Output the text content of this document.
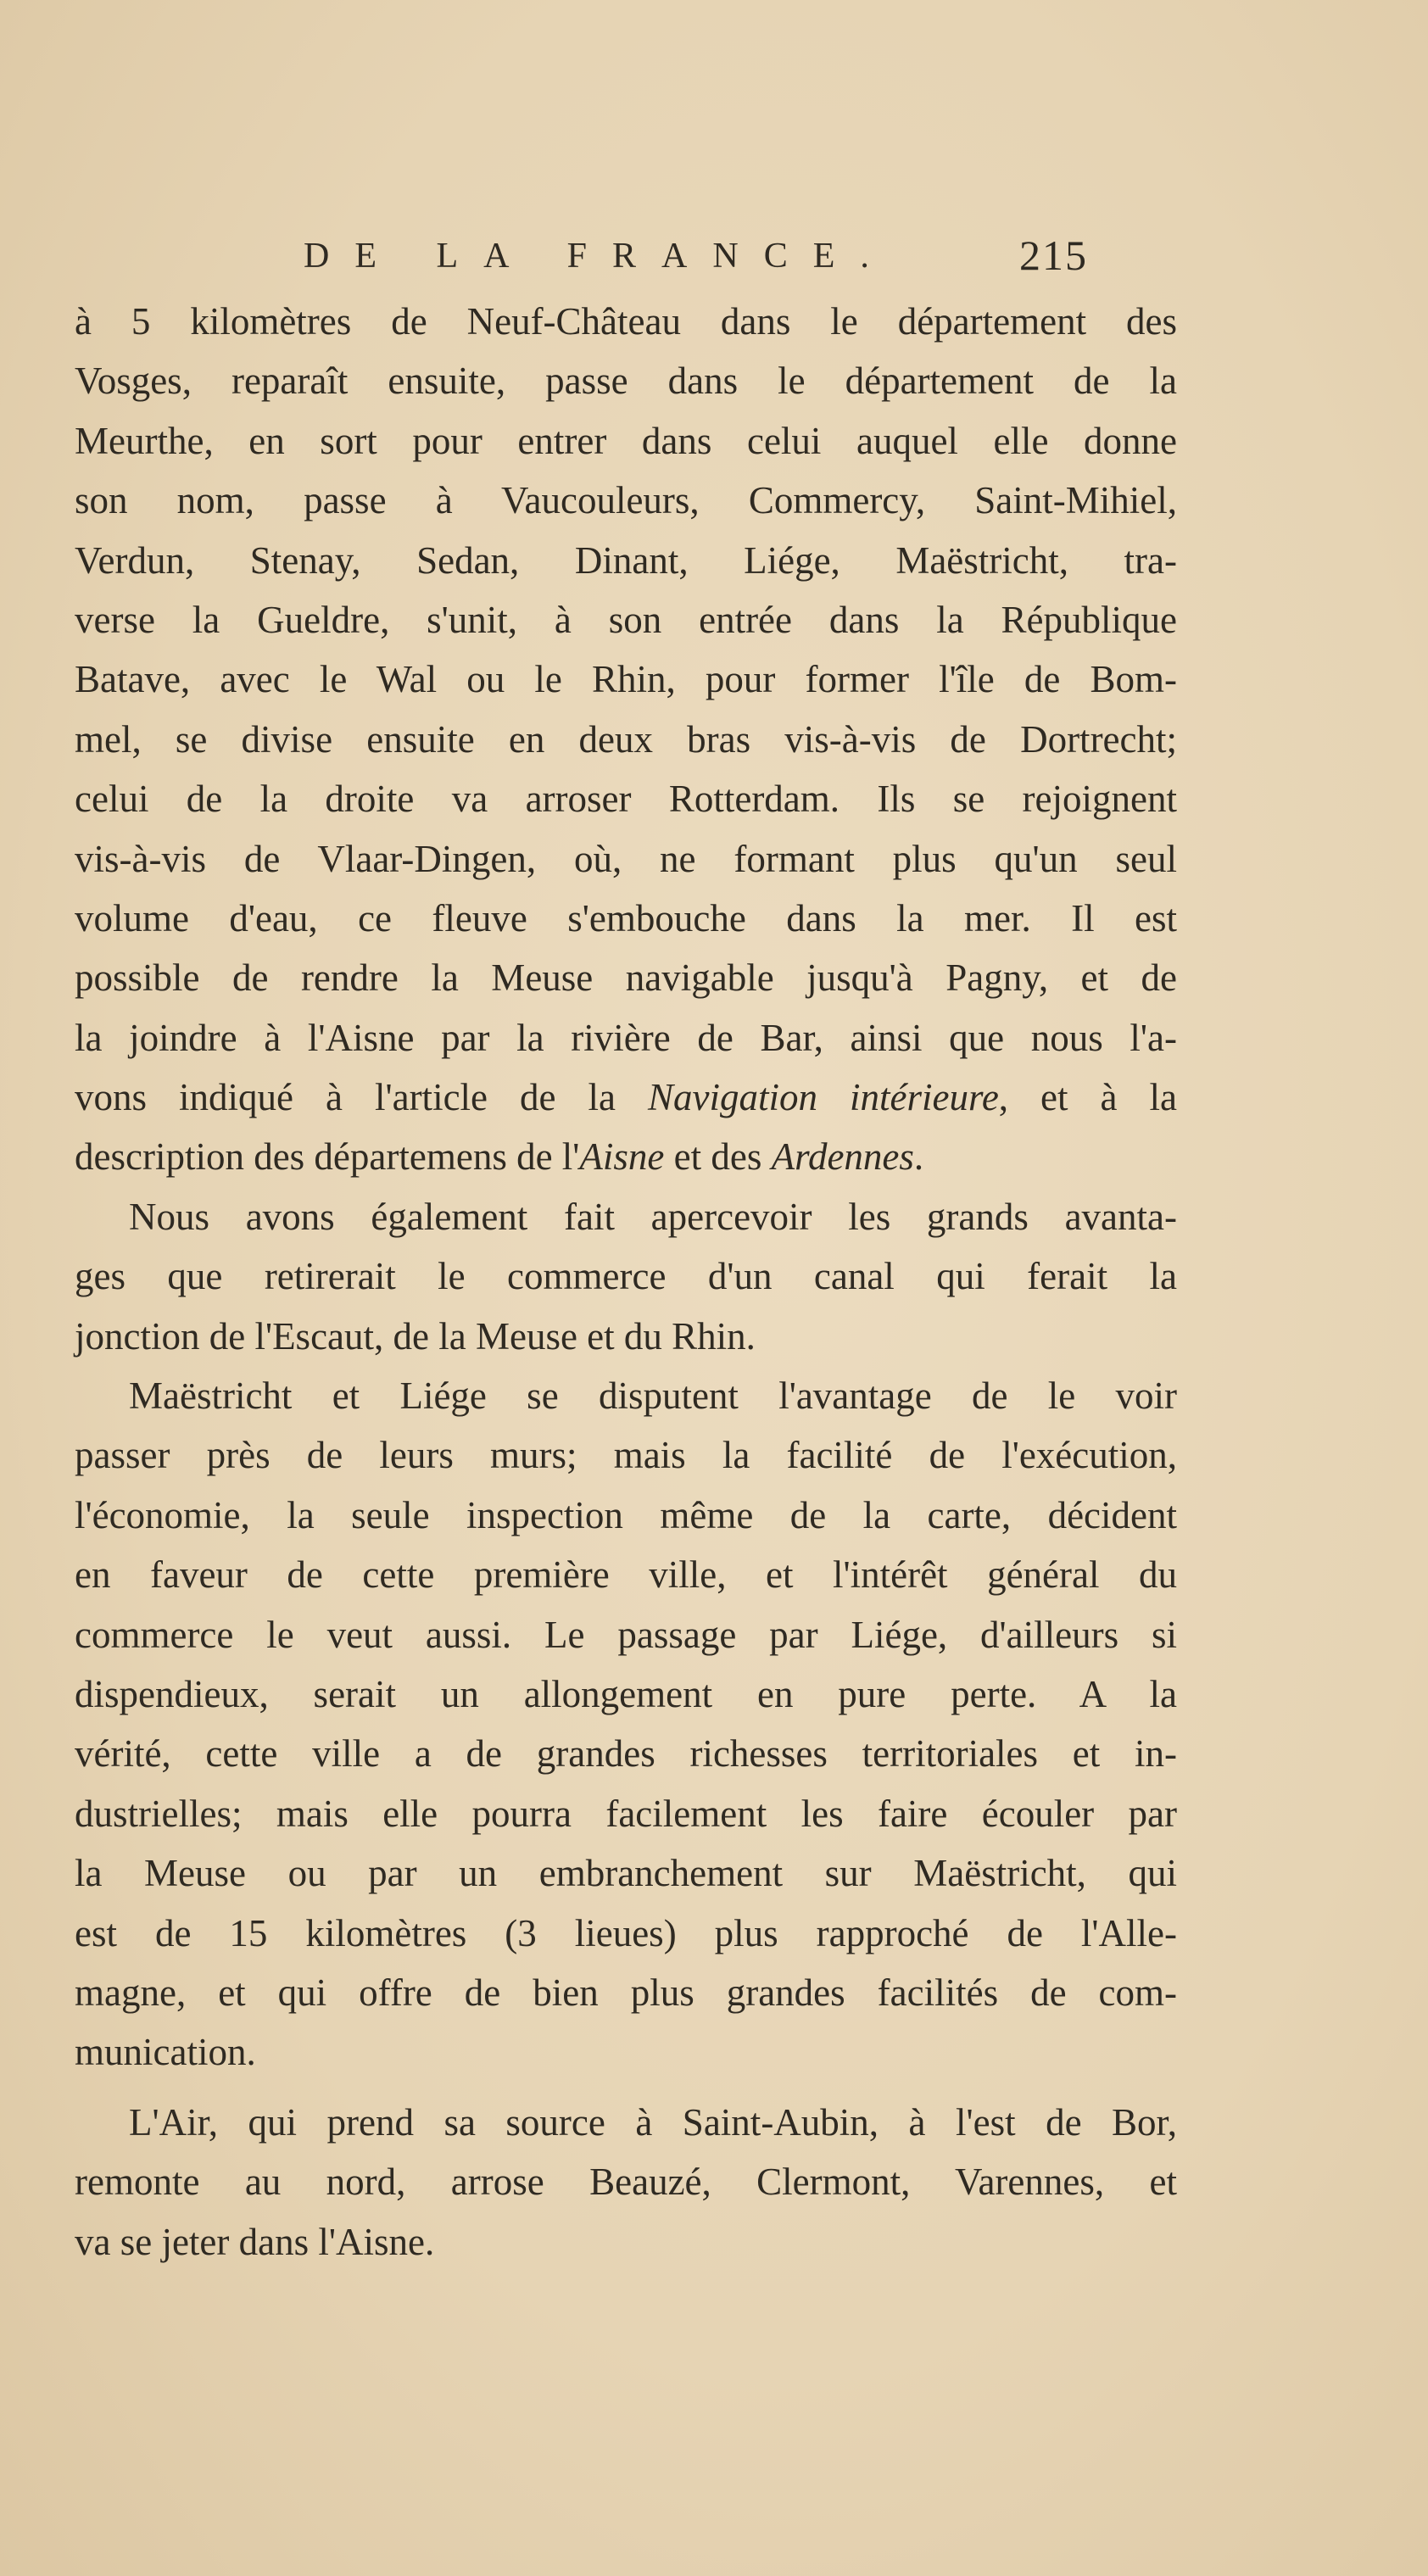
DE LA FRANCE.	215
à 5 kilomètres de Neuf-Château dans le département des
Vosges, reparaît ensuite, passe dans le département de la
Meurthe, en sort pour entrer dans celui auquel elle donne
son nom, passe à Vaucouleurs, Commercy, Saint-Mihiel,
Verdun, Stenay, Sedan, Dinant, Liége, Maëstricht, tra-
verse la Gueldre, s'unit, à son entrée dans la République
Batave, avec le Wal ou le Rhin, pour former l'île de Bom-
mel, se divise ensuite en deux bras vis-à-vis de Dortrecht;
celui de la droite va arroser Rotterdam. Ils se rejoignent
vis-à-vis de Vlaar-Dingen, où, ne formant plus qu'un seul
volume d'eau, ce fleuve s'embouche dans la mer. Il est
possible de rendre la Meuse navigable jusqu'à Pagny, et de
la joindre à l'Aisne par la rivière de Bar, ainsi que nous l'a-
vons indiqué à l'article de la Navigation intérieure, et à la
description des départemens de l'Aisne et des Ardennes.
Nous avons également fait apercevoir les grands avanta-
ges que retirerait le commerce d'un canal qui ferait la
jonction de l'Escaut, de la Meuse et du Rhin.
Maëstricht et Liége se disputent l'avantage de le voir
passer près de leurs murs; mais la facilité de l'exécution,
l'économie, la seule inspection même de la carte, décident
en faveur de cette première ville, et l'intérêt général du
commerce le veut aussi. Le passage par Liége, d'ailleurs si
dispendieux, serait un allongement en pure perte. A la
vérité, cette ville a de grandes richesses territoriales et in-
dustrielles; mais elle pourra facilement les faire écouler par
la Meuse ou par un embranchement sur Maëstricht, qui
est de 15 kilomètres (3 lieues) plus rapproché de l'Alle-
magne, et qui offre de bien plus grandes facilités de com-
munication.
L'Air, qui prend sa source à Saint-Aubin, à l'est de Bor,
remonte au nord, arrose Beauzé, Clermont, Varennes, et
va se jeter dans l'Aisne.
